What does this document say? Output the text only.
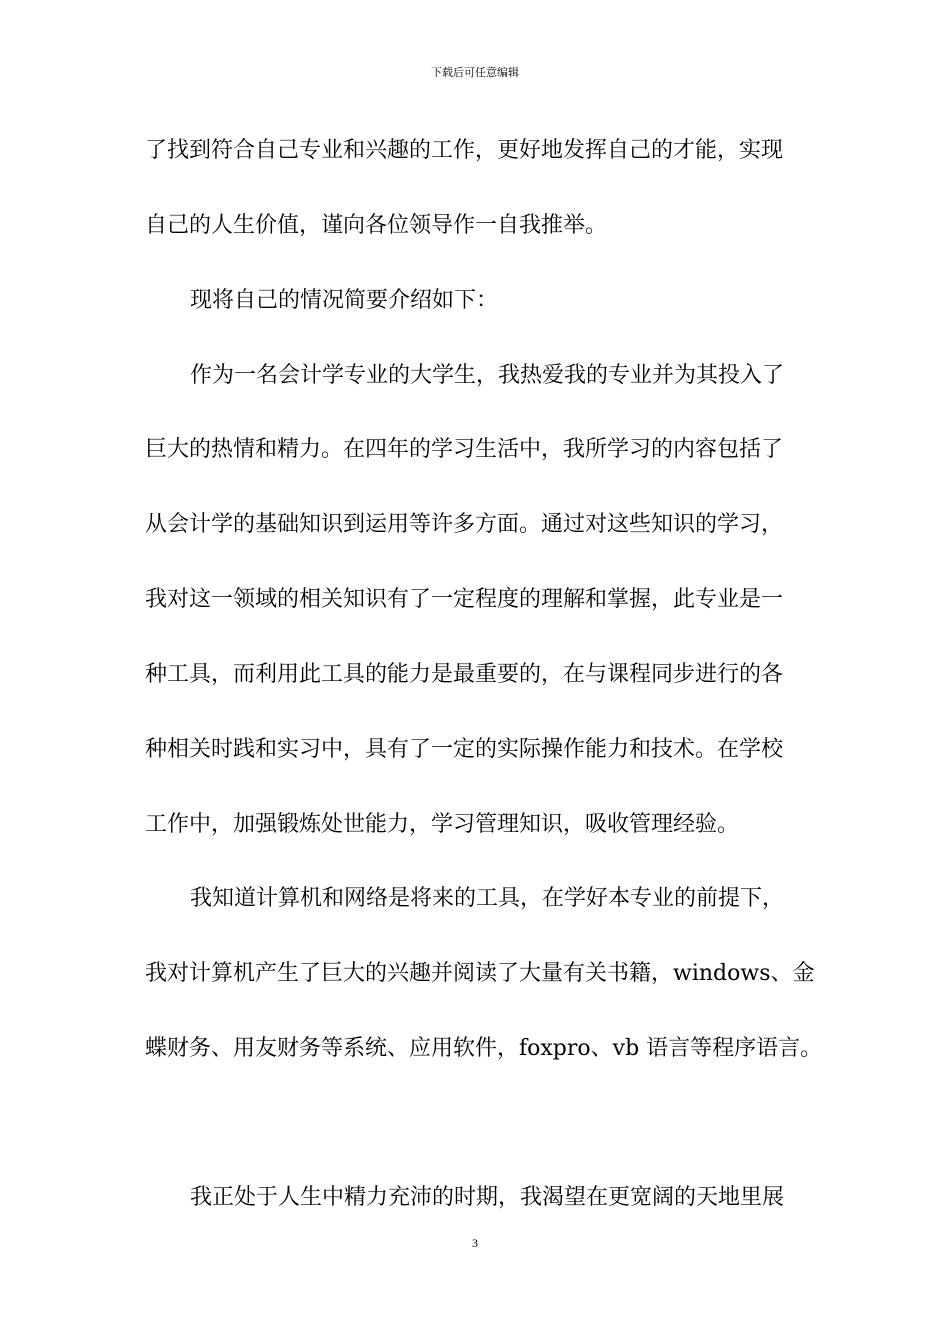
下载后可任意编辑
了找到符合自己专业和兴趣的工作，更好地发挥自己的才能，实现
自己的人生价值，谨向各位领导作一自我推举。
现将自己的情况简要介绍如下：
作为一名会计学专业的大学生，我热爱我的专业并为其投入了
巨大的热情和精力。在四年的学习生活中，我所学习的内容包括了
从会计学的基础知识到运用等许多方面。通过对这些知识的学习，
我对这一领域的相关知识有了一定程度的理解和掌握，此专业是一
种工具，而利用此工具的能力是最重要的，在与课程同步进行的各
种相关时践和实习中，具有了一定的实际操作能力和技术。在学校
工作中，加强锻炼处世能力，学习管理知识，吸收管理经验。
我知道计算机和网络是将来的工具，在学好本专业的前提下，
我对计算机产生了巨大的兴趣并阅读了大量有关书籍，windows、金
蝶财务、用友财务等系统、应用软件，foxpro、vb 语言等程序语言。
我正处于人生中精力充沛的时期，我渴望在更宽阔的天地里展
3
